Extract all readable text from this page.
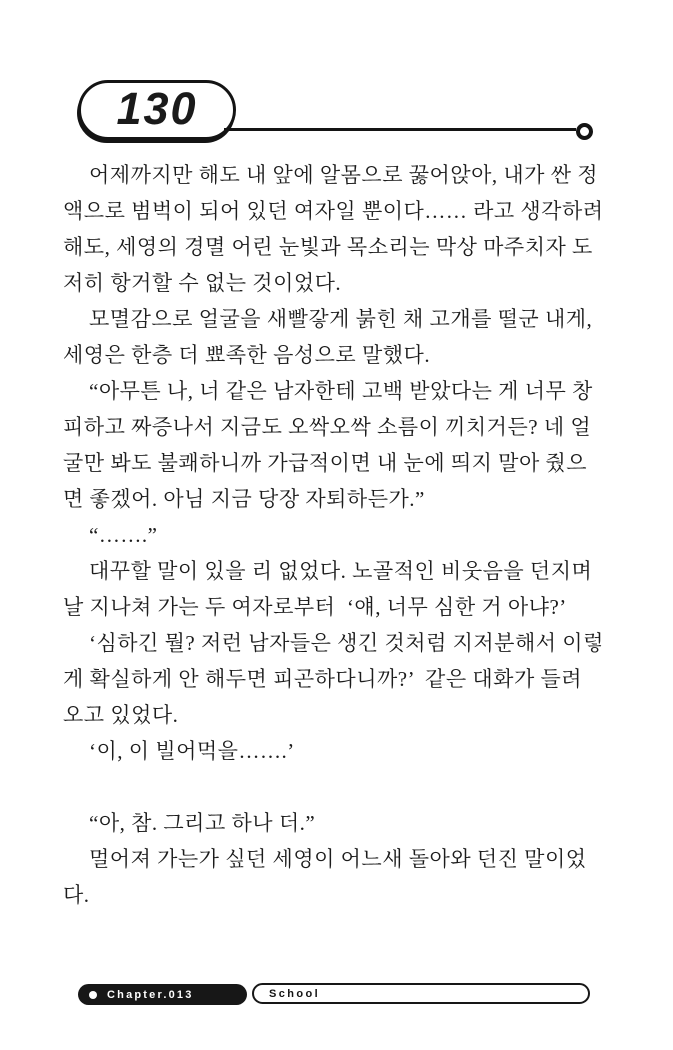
130
어제까지만 해도 내 앞에 알몸으로 꿇어앉아, 내가 싼 정
액으로 범벅이 되어 있던 여자일 뿐이다…… 라고 생각하려
해도, 세영의 경멸 어린 눈빛과 목소리는 막상 마주치자 도
저히 항거할 수 없는 것이었다.
모멸감으로 얼굴을 새빨갛게 붉힌 채 고개를 떨군 내게,
세영은 한층 더 뾰족한 음성으로 말했다.
“아무튼 나, 너 같은 남자한테 고백 받았다는 게 너무 창
피하고 짜증나서 지금도 오싹오싹 소름이 끼치거든? 네 얼
굴만 봐도 불쾌하니까 가급적이면 내 눈에 띄지 말아 줬으
면 좋겠어. 아님 지금 당장 자퇴하든가.”
“…….”
대꾸할 말이 있을 리 없었다. 노골적인 비웃음을 던지며
날 지나쳐 가는 두 여자로부터  ‘얘, 너무 심한 거 아냐?’
‘심하긴 뭘? 저런 남자들은 생긴 것처럼 지저분해서 이렇
게 확실하게 안 해두면 피곤하다니까?’  같은 대화가 들려
오고 있었다.
‘이, 이 빌어먹을…….’
“아, 참. 그리고 하나 더.”
멀어져 가는가 싶던 세영이 어느새 돌아와 던진 말이었
다.
Chapter.013	School
